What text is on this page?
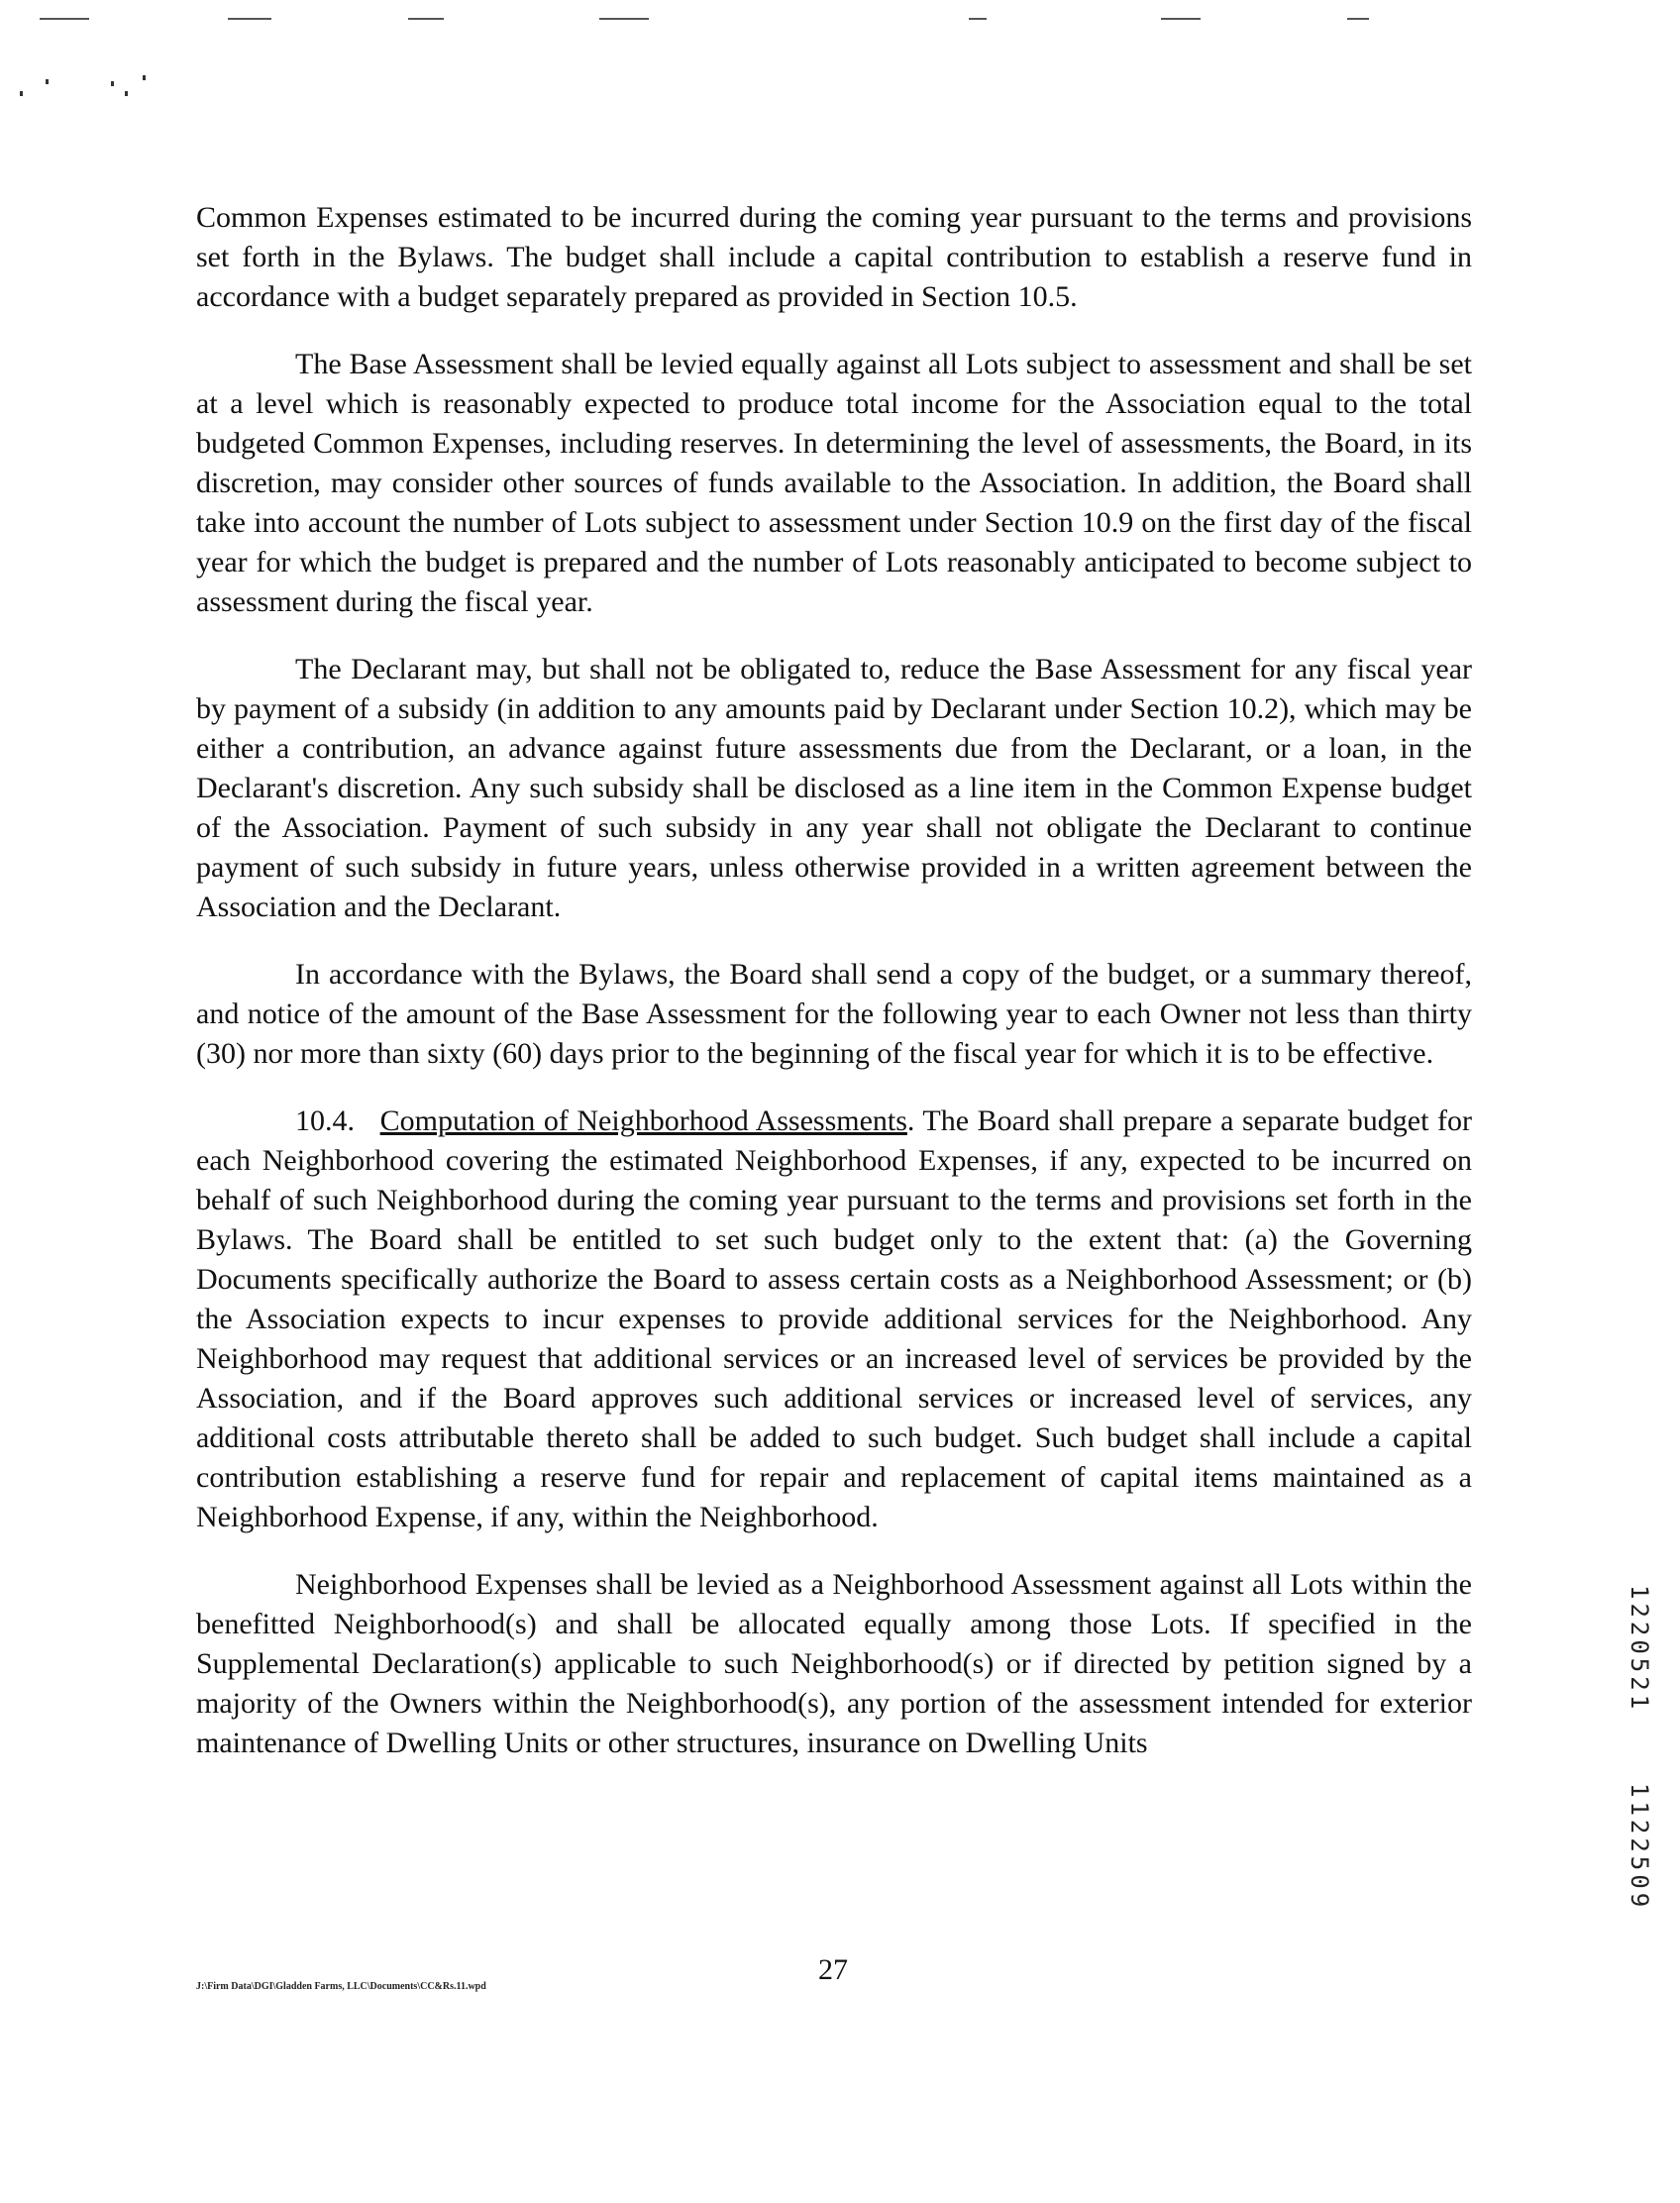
Common Expenses estimated to be incurred during the coming year pursuant to the terms and provisions set forth in the Bylaws. The budget shall include a capital contribution to establish a reserve fund in accordance with a budget separately prepared as provided in Section 10.5.

The Base Assessment shall be levied equally against all Lots subject to assessment and shall be set at a level which is reasonably expected to produce total income for the Association equal to the total budgeted Common Expenses, including reserves. In determining the level of assessments, the Board, in its discretion, may consider other sources of funds available to the Association. In addition, the Board shall take into account the number of Lots subject to assessment under Section 10.9 on the first day of the fiscal year for which the budget is prepared and the number of Lots reasonably anticipated to become subject to assessment during the fiscal year.

The Declarant may, but shall not be obligated to, reduce the Base Assessment for any fiscal year by payment of a subsidy (in addition to any amounts paid by Declarant under Section 10.2), which may be either a contribution, an advance against future assessments due from the Declarant, or a loan, in the Declarant's discretion. Any such subsidy shall be disclosed as a line item in the Common Expense budget of the Association. Payment of such subsidy in any year shall not obligate the Declarant to continue payment of such subsidy in future years, unless otherwise provided in a written agreement between the Association and the Declarant.

In accordance with the Bylaws, the Board shall send a copy of the budget, or a summary thereof, and notice of the amount of the Base Assessment for the following year to each Owner not less than thirty (30) nor more than sixty (60) days prior to the beginning of the fiscal year for which it is to be effective.

10.4. Computation of Neighborhood Assessments. The Board shall prepare a separate budget for each Neighborhood covering the estimated Neighborhood Expenses, if any, expected to be incurred on behalf of such Neighborhood during the coming year pursuant to the terms and provisions set forth in the Bylaws. The Board shall be entitled to set such budget only to the extent that: (a) the Governing Documents specifically authorize the Board to assess certain costs as a Neighborhood Assessment; or (b) the Association expects to incur expenses to provide additional services for the Neighborhood. Any Neighborhood may request that additional services or an increased level of services be provided by the Association, and if the Board approves such additional services or increased level of services, any additional costs attributable thereto shall be added to such budget. Such budget shall include a capital contribution establishing a reserve fund for repair and replacement of capital items maintained as a Neighborhood Expense, if any, within the Neighborhood.

Neighborhood Expenses shall be levied as a Neighborhood Assessment against all Lots within the benefitted Neighborhood(s) and shall be allocated equally among those Lots. If specified in the Supplemental Declaration(s) applicable to such Neighborhood(s) or if directed by petition signed by a majority of the Owners within the Neighborhood(s), any portion of the assessment intended for exterior maintenance of Dwelling Units or other structures, insurance on Dwelling Units

27
J:\Firm Data\DGI\Gladden Farms, LLC\Documents\CC&Rs.11.wpd
1220521
1122509
